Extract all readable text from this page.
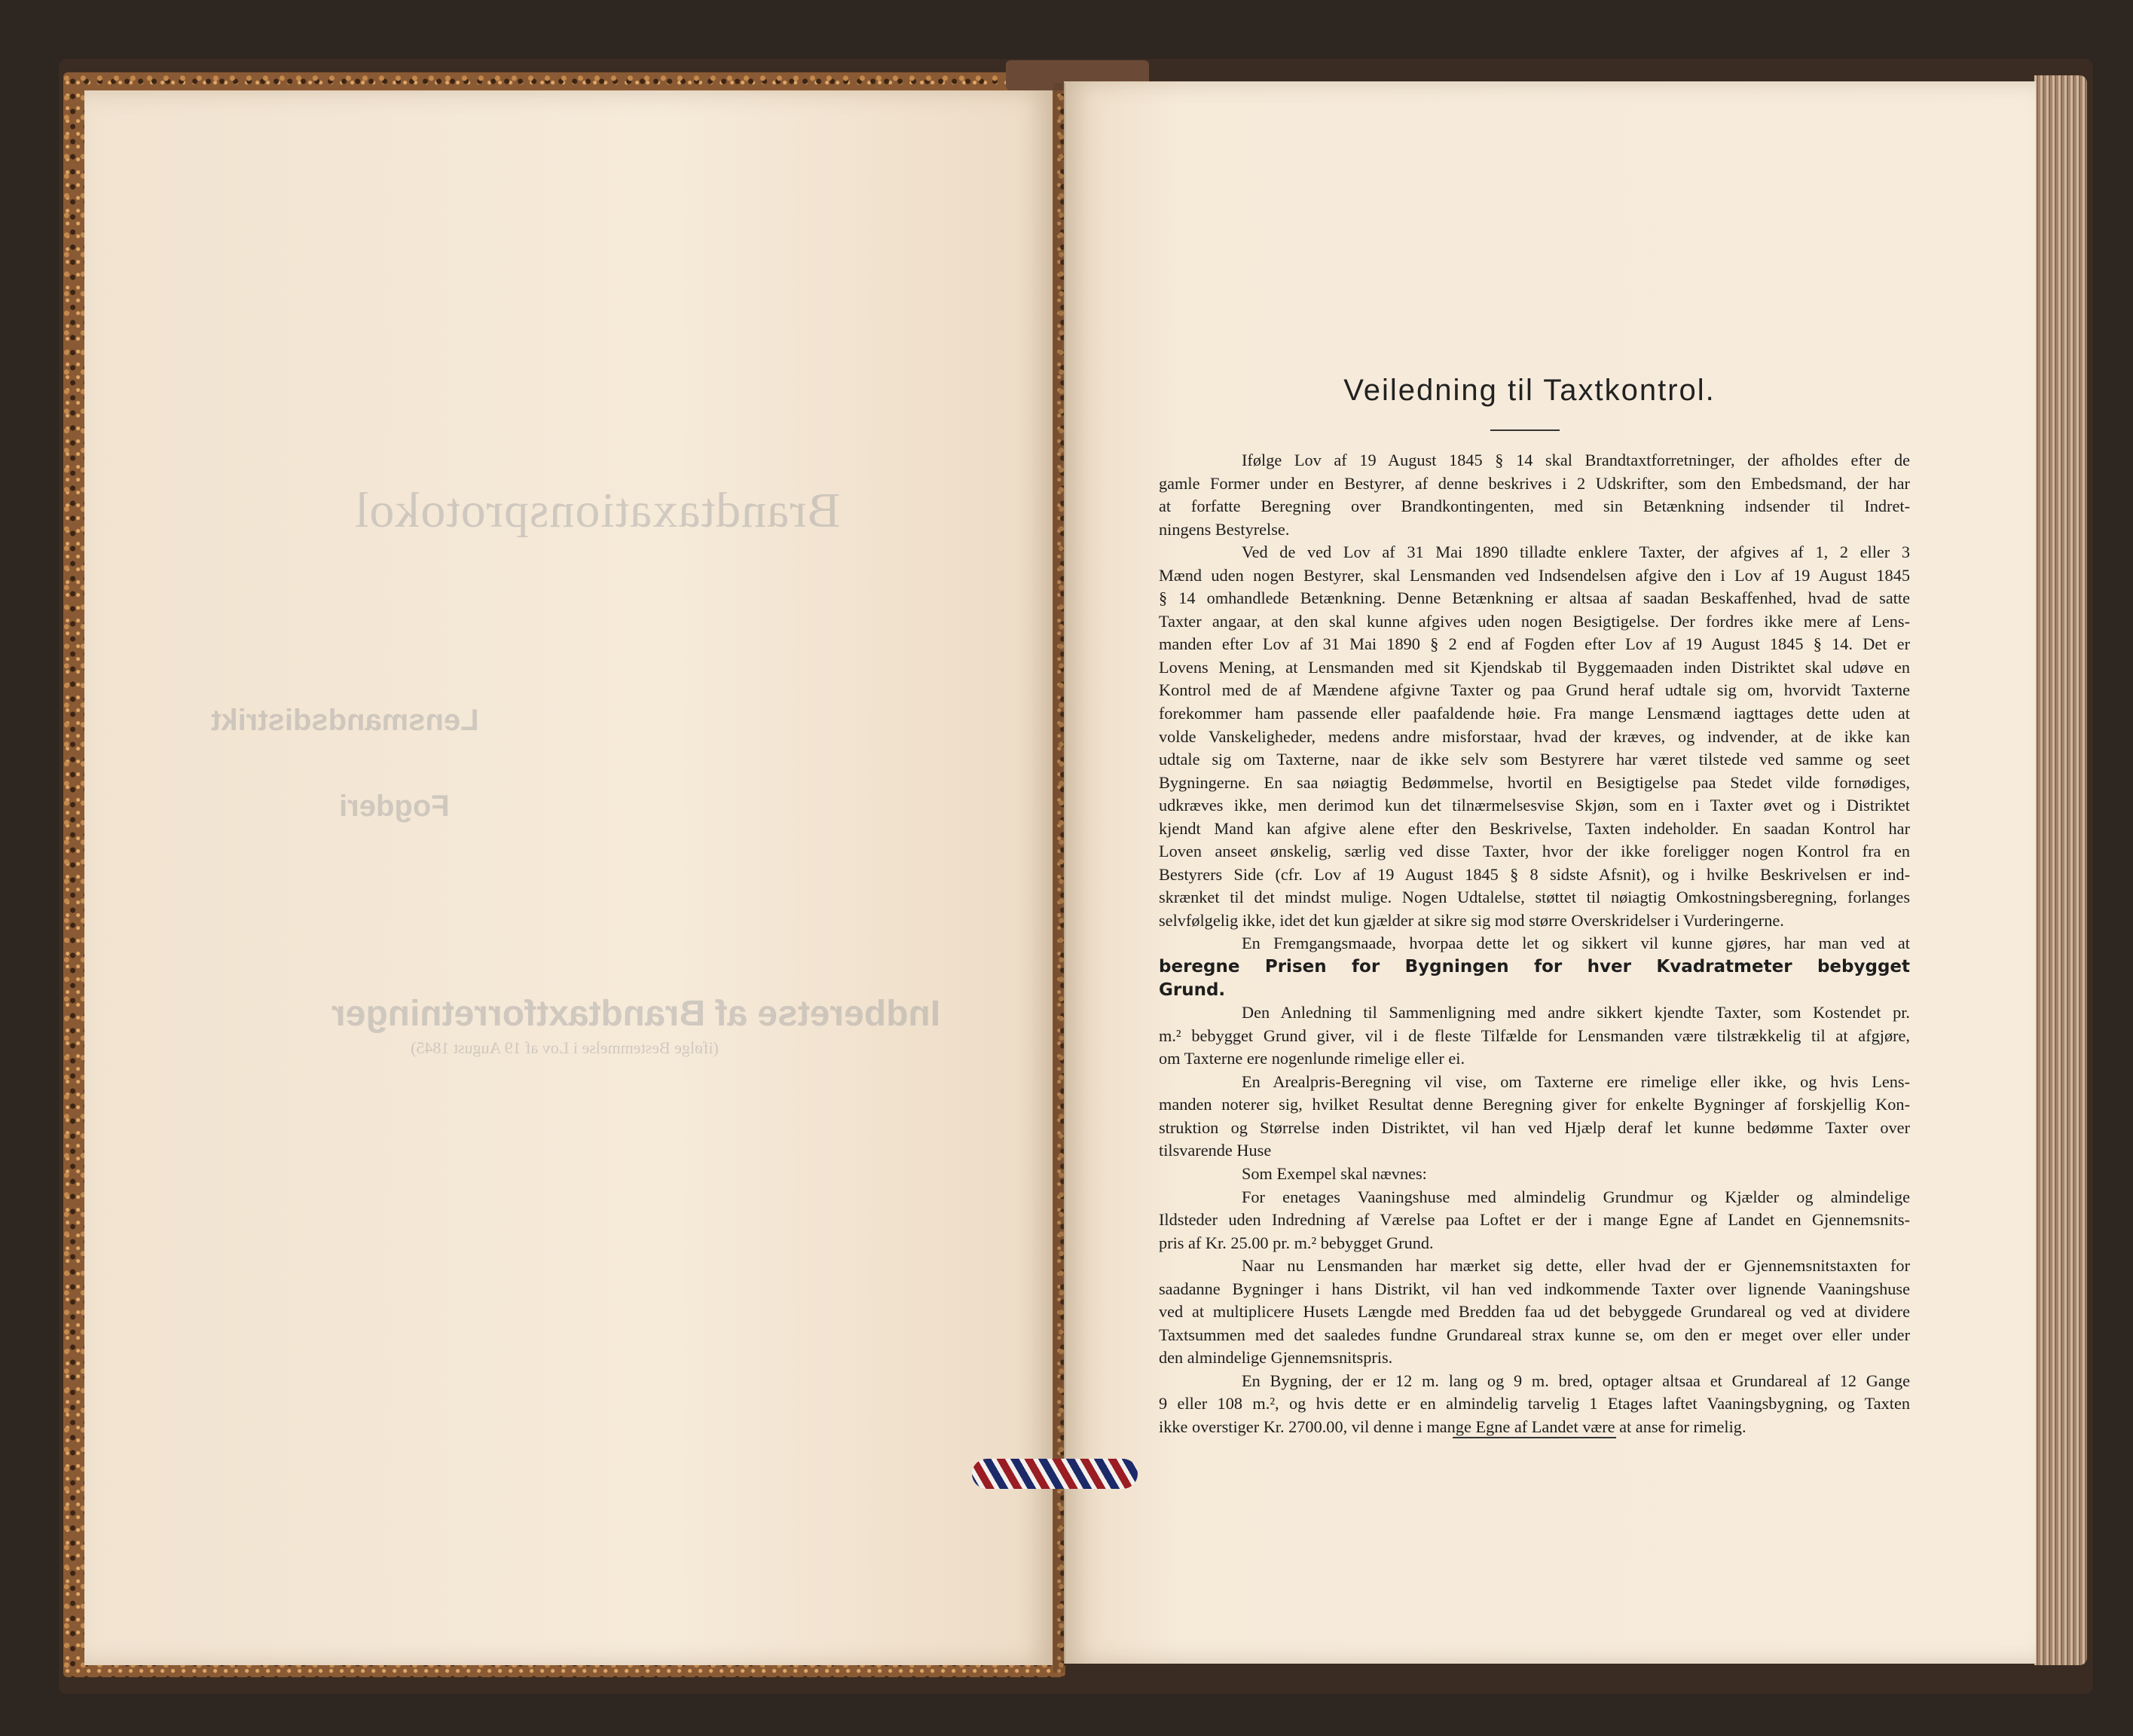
Brandtaxationsprotokol
Lensmandsdistrikt
Fogderi
Indberetse af Brandtaxtforretninger
(ifølge Bestemmelse i Lov af 19 August 1845)
Veiledning til Taxtkontrol.
Ifølge Lov af 19 August 1845 § 14 skal Brandtaxtforretninger, der afholdes efter de
gamle Former under en Bestyrer, af denne beskrives i 2 Udskrifter, som den Embedsmand, der har
at forfatte Beregning over Brandkontingenten, med sin Betænkning indsender til Indret-
ningens Bestyrelse.
Ved de ved Lov af 31 Mai 1890 tilladte enklere Taxter, der afgives af 1, 2 eller 3
Mænd uden nogen Bestyrer, skal Lensmanden ved Indsendelsen afgive den i Lov af 19 August 1845
§ 14 omhandlede Betænkning. Denne Betænkning er altsaa af saadan Beskaffenhed, hvad de satte
Taxter angaar, at den skal kunne afgives uden nogen Besigtigelse. Der fordres ikke mere af Lens-
manden efter Lov af 31 Mai 1890 § 2 end af Fogden efter Lov af 19 August 1845 § 14. Det er
Lovens Mening, at Lensmanden med sit Kjendskab til Byggemaaden inden Distriktet skal udøve en
Kontrol med de af Mændene afgivne Taxter og paa Grund heraf udtale sig om, hvorvidt Taxterne
forekommer ham passende eller paafaldende høie. Fra mange Lensmænd iagttages dette uden at
volde Vanskeligheder, medens andre misforstaar, hvad der kræves, og indvender, at de ikke kan
udtale sig om Taxterne, naar de ikke selv som Bestyrere har været tilstede ved samme og seet
Bygningerne. En saa nøiagtig Bedømmelse, hvortil en Besigtigelse paa Stedet vilde fornødiges,
udkræves ikke, men derimod kun det tilnærmelsesvise Skjøn, som en i Taxter øvet og i Distriktet
kjendt Mand kan afgive alene efter den Beskrivelse, Taxten indeholder. En saadan Kontrol har
Loven anseet ønskelig, særlig ved disse Taxter, hvor der ikke foreligger nogen Kontrol fra en
Bestyrers Side (cfr. Lov af 19 August 1845 § 8 sidste Afsnit), og i hvilke Beskrivelsen er ind-
skrænket til det mindst mulige. Nogen Udtalelse, støttet til nøiagtig Omkostningsberegning, forlanges
selvfølgelig ikke, idet det kun gjælder at sikre sig mod større Overskridelser i Vurderingerne.
En Fremgangsmaade, hvorpaa dette let og sikkert vil kunne gjøres, har man ved at
beregne Prisen for Bygningen for hver Kvadratmeter bebygget
Grund.
Den Anledning til Sammenligning med andre sikkert kjendte Taxter, som Kostendet pr.
m.² bebygget Grund giver, vil i de fleste Tilfælde for Lensmanden være tilstrækkelig til at afgjøre,
om Taxterne ere nogenlunde rimelige eller ei.
En Arealpris-Beregning vil vise, om Taxterne ere rimelige eller ikke, og hvis Lens-
manden noterer sig, hvilket Resultat denne Beregning giver for enkelte Bygninger af forskjellig Kon-
struktion og Størrelse inden Distriktet, vil han ved Hjælp deraf let kunne bedømme Taxter over
tilsvarende Huse
Som Exempel skal nævnes:
For enetages Vaaningshuse med almindelig Grundmur og Kjælder og almindelige
Ildsteder uden Indredning af Værelse paa Loftet er der i mange Egne af Landet en Gjennemsnits-
pris af Kr. 25.00 pr. m.² bebygget Grund.
Naar nu Lensmanden har mærket sig dette, eller hvad der er Gjennemsnitstaxten for
saadanne Bygninger i hans Distrikt, vil han ved indkommende Taxter over lignende Vaaningshuse
ved at multiplicere Husets Længde med Bredden faa ud det bebyggede Grundareal og ved at dividere
Taxtsummen med det saaledes fundne Grundareal strax kunne se, om den er meget over eller under
den almindelige Gjennemsnitspris.
En Bygning, der er 12 m. lang og 9 m. bred, optager altsaa et Grundareal af 12 Gange
9 eller 108 m.², og hvis dette er en almindelig tarvelig 1 Etages laftet Vaaningsbygning, og Taxten
ikke overstiger Kr. 2700.00, vil denne i mange Egne af Landet være at anse for rimelig.
